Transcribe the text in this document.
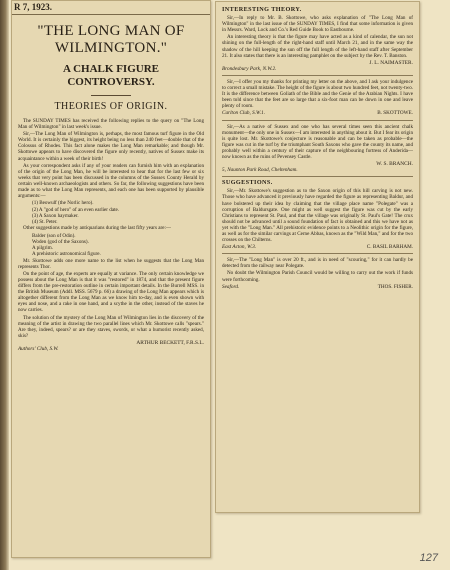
R 7, 1923.
"THE LONG MAN OF WILMINGTON."
A CHALK FIGURE CONTROVERSY.
THEORIES OF ORIGIN.

The SUNDAY TIMES has received the following replies to the query on "The Long Man of Wilmington" in last week's issue.

Sir,—The Long Man of Wilmington is, perhaps, the most famous turf figure in the Old World. It is certainly the biggest, its height being no less than 240 feet—double that of the Colossus of Rhodes. This fact alone makes the Long Man remarkable; and though Mr. Skottowe appears to have discovered the figure only recently, natives of Sussex make its acquaintance within a week of their birth!

As your correspondent asks if any of your readers can furnish him with an explanation of the origin of the Long Man, he will be interested to hear that for the last few or six weeks that very point has been discussed in the columns of the Sussex County Herald by certain well-known archaeologists and others. So far, the following suggestions have been made as to what the Long Man represents, and each one has been supported by plausible arguments:—

(1) Beowulf (the Norlic hero).
(2) A "god of hero" of an even earlier date.
(3) A Saxon haymaker.
(4) St. Peter.

Other suggestions made by antiquarians during the last fifty years are:—

Balder (son of Odin).
Woden (god of the Saxons).
A pilgrim.
A prehistoric astronomical figure.

Mr. Skottowe adds one more name to the list when he suggests that the Long Man represents Thor.

On the point of age, the experts are equally at variance. The only certain knowledge we possess about the Long Man is that it was "restored" in 1874, and that the present figure differs from the pre-restoration outline in certain important details. In the Burrell MSS. in the British Museum (Addl. MSS. 5679 p. 66) a drawing of the Long Man appears which is altogether different from the Long Man as we know him to-day, and is even shown with eyes and nose, and a rake in one hand, and a scythe in the other, instead of the staves he now carries.

The solution of the mystery of the Long Man of Wilmington lies in the discovery of the meaning of the artist in drawing the two parallel lines which Mr. Skottowe calls "spears." Are they, indeed, spears? or are they staves, swords, or what a humorist recently asked, skis?

ARTHUR BECKETT, F.R.S.L.
Authors' Club, S.W.
INTERESTING THEORY.

Sir,—In reply to Mr. B. Skottowe, who asks explanation of "The Long Man of Wilmington" in the last issue of the SUNDAY TIMES, I find that some information is given in Messrs. Ward, Lock and Co.'s Red Guide Book to Eastbourne.

An interesting theory is that the figure may have acted as a kind of calendar, the sun not shining on the full-length of the right-hand staff until March 21, and in the same way the shadow of the hill keeping the sun off the full length of the left-hand staff after September 21. It also states that there is an interesting pamphlet on the subject by the Rev. T. Banston.

J. L. NAIMASTER.
Brondesbury Park, N.W.2.

Sir,—I offer you my thanks for printing my letter on the above, and I ask your indulgence to correct a small mistake. The height of the figure is about two hundred feet, not twenty-two. It is the difference between Goliath of the Bible and the Genie of the Arabian Nights. I have been told since that the feet are so large that a six-foot man can be down in one and leave plenty of room.

Carlton Club, S.W.1.	B. SKOTTOWE.

Sir,—As a native of Sussex and one who has several times seen this ancient chalk monument—the only one in Sussex—I am interested in anything about it. But I fear its origin is quite lost. Mr. Skottowe's conjecture is reasonable and can be taken as probable—the figure was cut in the turf by the triumphant South Saxons who gave the county its name, and probably well within a century of their capture of the neighbouring fortress of Anderida—now known as the ruins of Pevensey Castle.

W. S. BRANCH.
5, Naunton Park Road, Cheltenham.
SUGGESTIONS.

Sir,—Mr. Skottowe's suggestion as to the Saxon origin of this hill carving is not new. Those who have advanced it previously have regarded the figure as representing Baldur, and have bolstered up their idea by claiming that the village place name "Polegate" was a corruption of Baldursgate. One might as well suggest the figure was cut by the early Christians to represent St. Paul, and that the village was originally St. Paul's Gate! The crux should not be advanced until a sound foundation of fact is obtained and this we have not as yet with the "Long Man." All prehistoric evidence points to a Neolithic origin for the figure, as well as for the similar carvings at Cerne Abbas, known as the "Wild Man," and for the two crosses on the Chilterns.

East Acton, W.3.	C. BASIL BARHAM.

Sir,—The "Long Man" is over 20 ft., and is in need of "scouring," for it can hardly be detected from the railway near Polegate.

No doubt the Wilmington Parish Council would be willing to carry out the work if funds were forthcoming.

Seaford.	THOS. FISHER.
127
